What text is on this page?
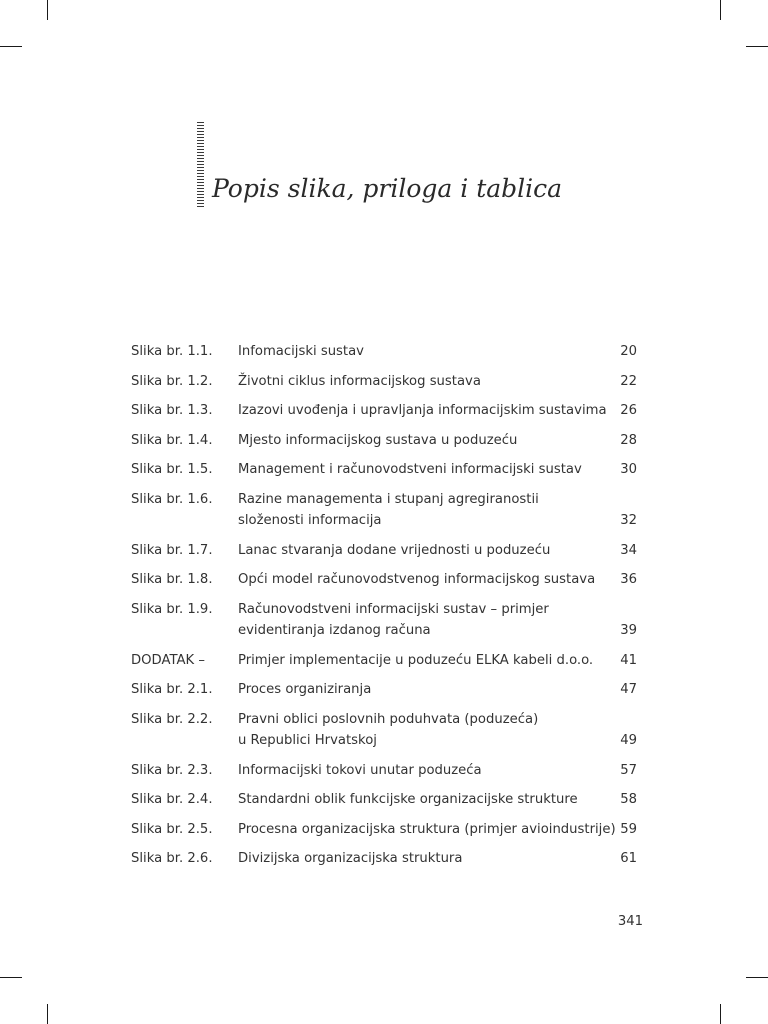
Popis slika, priloga i tablica
Slika br. 1.1. Infomacijski sustav	20
Slika br. 1.2. Životni ciklus informacijskog sustava	22
Slika br. 1.3. Izazovi uvođenja i upravljanja informacijskim sustavima 26
Slika br. 1.4. Mjesto informacijskog sustava u poduzeću	28
Slika br. 1.5. Management i računovodstveni informacijski sustav	30
Slika br. 1.6. Razine managementa i stupanj agregiranostii
složenosti informacija	32
Slika br. 1.7. Lanac stvaranja dodane vrijednosti u poduzeću	34
Slika br. 1.8. Opći model računovodstvenog informacijskog sustava	36
Slika br. 1.9. Računovodstveni informacijski sustav – primjer
evidentiranja izdanog računa	39
DODATAK –	Primjer implementacije u poduzeću ELKA kabeli d.o.o.	41
Slika br. 2.1. Proces organiziranja	47
Slika br. 2.2. Pravni oblici poslovnih poduhvata (poduzeća)
u Republici Hrvatskoj	49
Slika br. 2.3. Informacijski tokovi unutar poduzeća	57
Slika br. 2.4. Standardni oblik funkcijske organizacijske strukture	58
Slika br. 2.5. Procesna organizacijska struktura (primjer avioindustrije) 59
Slika br. 2.6. Divizijska organizacijska struktura	61
341
